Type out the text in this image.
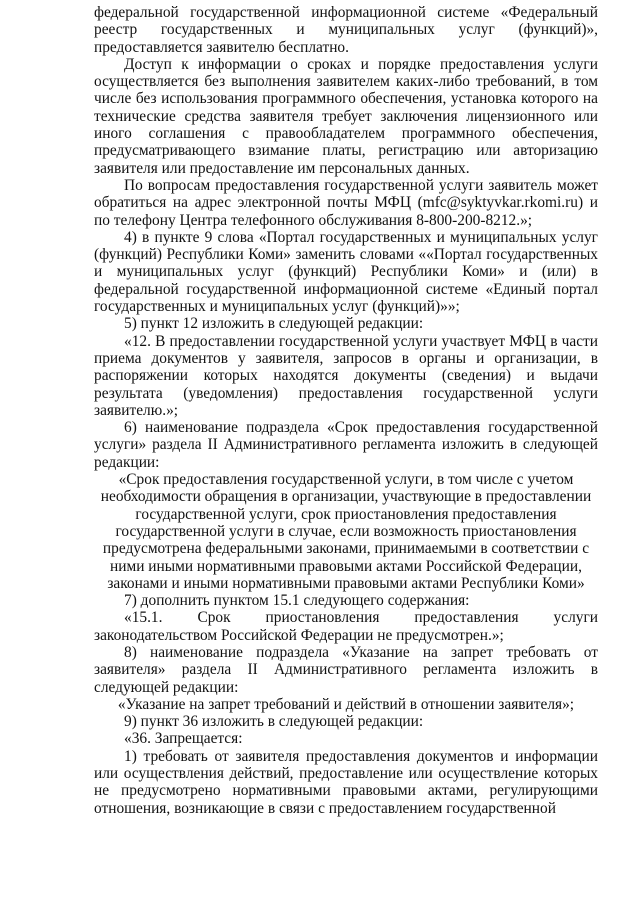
федеральной государственной информационной системе «Федеральный реестр государственных и муниципальных услуг (функций)», предоставляется заявителю бесплатно.

Доступ к информации о сроках и порядке предоставления услуги осуществляется без выполнения заявителем каких-либо требований, в том числе без использования программного обеспечения, установка которого на технические средства заявителя требует заключения лицензионного или иного соглашения с правообладателем программного обеспечения, предусматривающего взимание платы, регистрацию или авторизацию заявителя или предоставление им персональных данных.

По вопросам предоставления государственной услуги заявитель может обратиться на адрес электронной почты МФЦ (mfc@syktyvkar.rkomi.ru) и по телефону Центра телефонного обслуживания 8-800-200-8212.»;

4) в пункте 9 слова «Портал государственных и муниципальных услуг (функций) Республики Коми» заменить словами ««Портал государственных и муниципальных услуг (функций) Республики Коми» и (или) в федеральной государственной информационной системе «Единый портал государственных и муниципальных услуг (функций)»»;

5) пункт 12 изложить в следующей редакции:

«12. В предоставлении государственной услуги участвует МФЦ в части приема документов у заявителя, запросов в органы и организации, в распоряжении которых находятся документы (сведения) и выдачи результата (уведомления) предоставления государственной услуги заявителю.»;

6) наименование подраздела «Срок предоставления государственной услуги» раздела II Административного регламента изложить в следующей редакции:

«Срок предоставления государственной услуги, в том числе с учетом необходимости обращения в организации, участвующие в предоставлении государственной услуги, срок приостановления предоставления государственной услуги в случае, если возможность приостановления предусмотрена федеральными законами, принимаемыми в соответствии с ними иными нормативными правовыми актами Российской Федерации, законами и иными нормативными правовыми актами Республики Коми»

7) дополнить пунктом 15.1 следующего содержания:

«15.1. Срок приостановления предоставления услуги законодательством Российской Федерации не предусмотрен.»;

8) наименование подраздела «Указание на запрет требовать от заявителя» раздела II Административного регламента изложить в следующей редакции:

«Указание на запрет требований и действий в отношении заявителя»;

9) пункт 36 изложить в следующей редакции:

«36. Запрещается:

1) требовать от заявителя предоставления документов и информации или осуществления действий, предоставление или осуществление которых не предусмотрено нормативными правовыми актами, регулирующими отношения, возникающие в связи с предоставлением государственной
